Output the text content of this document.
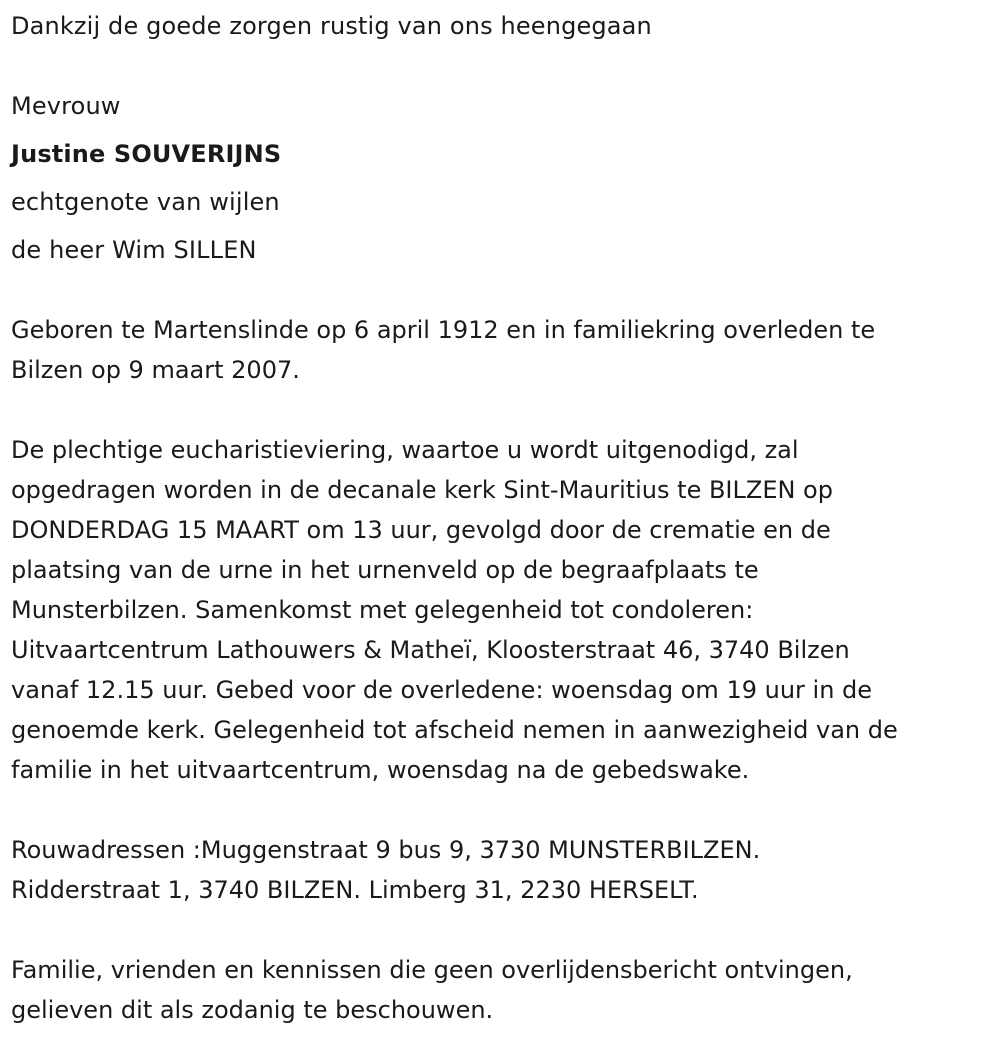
Dankzij de goede zorgen rustig van ons heengegaan
Mevrouw
Justine SOUVERIJNS
echtgenote van wijlen
de heer Wim SILLEN
Geboren te Martenslinde op 6 april 1912 en in familiekring overleden te
Bilzen op 9 maart 2007.
De plechtige eucharistieviering, waartoe u wordt uitgenodigd, zal
opgedragen worden in de decanale kerk Sint-Mauritius te BILZEN op
DONDERDAG 15 MAART om 13 uur, gevolgd door de crematie en de
plaatsing van de urne in het urnenveld op de begraafplaats te
Munsterbilzen. Samenkomst met gelegenheid tot condoleren:
Uitvaartcentrum Lathouwers & Matheï, Kloosterstraat 46, 3740 Bilzen
vanaf 12.15 uur. Gebed voor de overledene: woensdag om 19 uur in de
genoemde kerk. Gelegenheid tot afscheid nemen in aanwezigheid van de
familie in het uitvaartcentrum, woensdag na de gebedswake.
Rouwadressen :Muggenstraat 9 bus 9, 3730 MUNSTERBILZEN.
Ridderstraat 1, 3740 BILZEN. Limberg 31, 2230 HERSELT.
Familie, vrienden en kennissen die geen overlijdensbericht ontvingen,
gelieven dit als zodanig te beschouwen.
